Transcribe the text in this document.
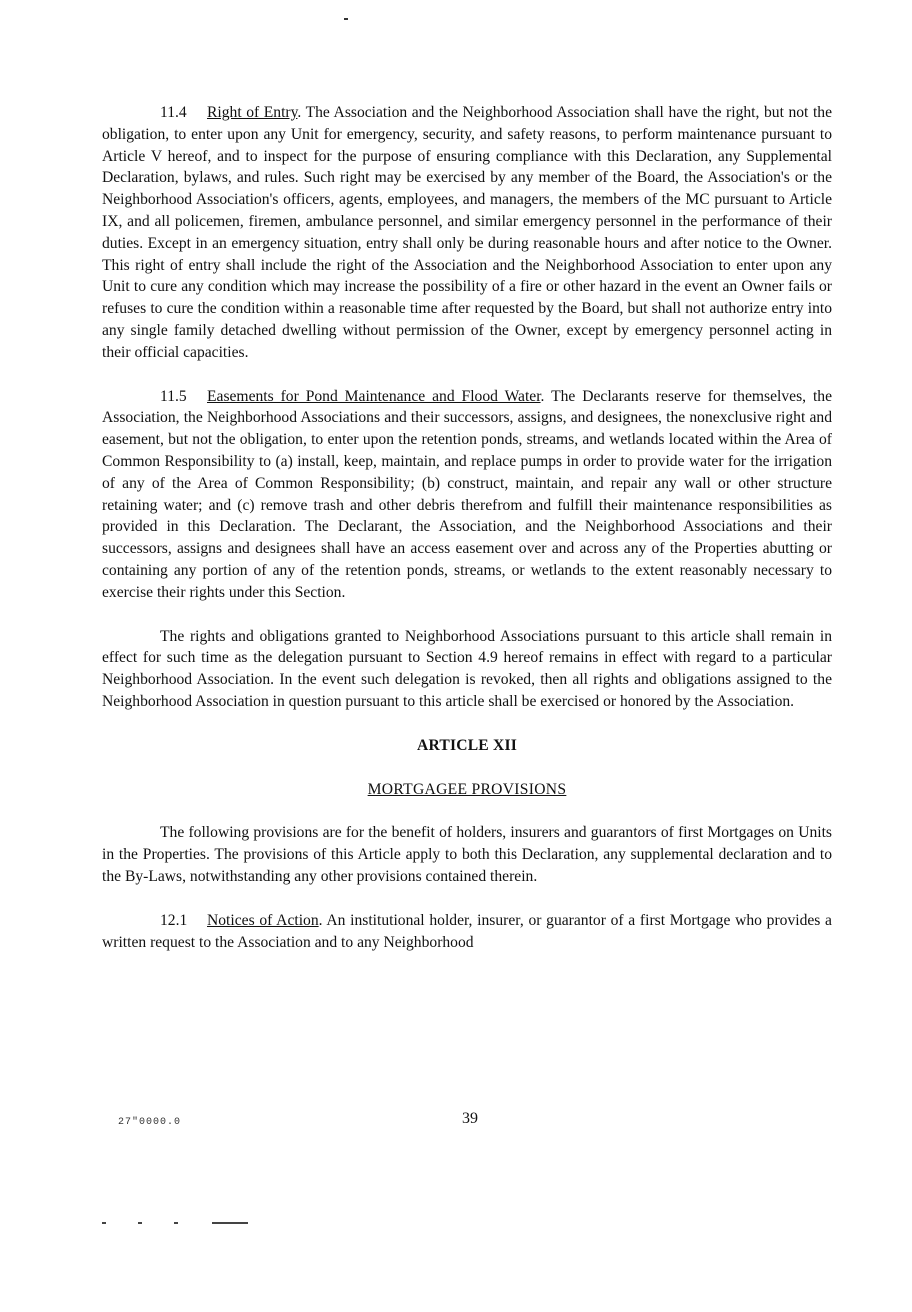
11.4 Right of Entry. The Association and the Neighborhood Association shall have the right, but not the obligation, to enter upon any Unit for emergency, security, and safety reasons, to perform maintenance pursuant to Article V hereof, and to inspect for the purpose of ensuring compliance with this Declaration, any Supplemental Declaration, bylaws, and rules. Such right may be exercised by any member of the Board, the Association's or the Neighborhood Association's officers, agents, employees, and managers, the members of the MC pursuant to Article IX, and all policemen, firemen, ambulance personnel, and similar emergency personnel in the performance of their duties. Except in an emergency situation, entry shall only be during reasonable hours and after notice to the Owner. This right of entry shall include the right of the Association and the Neighborhood Association to enter upon any Unit to cure any condition which may increase the possibility of a fire or other hazard in the event an Owner fails or refuses to cure the condition within a reasonable time after requested by the Board, but shall not authorize entry into any single family detached dwelling without permission of the Owner, except by emergency personnel acting in their official capacities.

11.5 Easements for Pond Maintenance and Flood Water. The Declarants reserve for themselves, the Association, the Neighborhood Associations and their successors, assigns, and designees, the nonexclusive right and easement, but not the obligation, to enter upon the retention ponds, streams, and wetlands located within the Area of Common Responsibility to (a) install, keep, maintain, and replace pumps in order to provide water for the irrigation of any of the Area of Common Responsibility; (b) construct, maintain, and repair any wall or other structure retaining water; and (c) remove trash and other debris therefrom and fulfill their maintenance responsibilities as provided in this Declaration. The Declarant, the Association, and the Neighborhood Associations and their successors, assigns and designees shall have an access easement over and across any of the Properties abutting or containing any portion of any of the retention ponds, streams, or wetlands to the extent reasonably necessary to exercise their rights under this Section.

The rights and obligations granted to Neighborhood Associations pursuant to this article shall remain in effect for such time as the delegation pursuant to Section 4.9 hereof remains in effect with regard to a particular Neighborhood Association. In the event such delegation is revoked, then all rights and obligations assigned to the Neighborhood Association in question pursuant to this article shall be exercised or honored by the Association.

ARTICLE XII
MORTGAGEE PROVISIONS

The following provisions are for the benefit of holders, insurers and guarantors of first Mortgages on Units in the Properties. The provisions of this Article apply to both this Declaration, any supplemental declaration and to the By-Laws, notwithstanding any other provisions contained therein.

12.1 Notices of Action. An institutional holder, insurer, or guarantor of a first Mortgage who provides a written request to the Association and to any Neighborhood

27"0000.0	39
